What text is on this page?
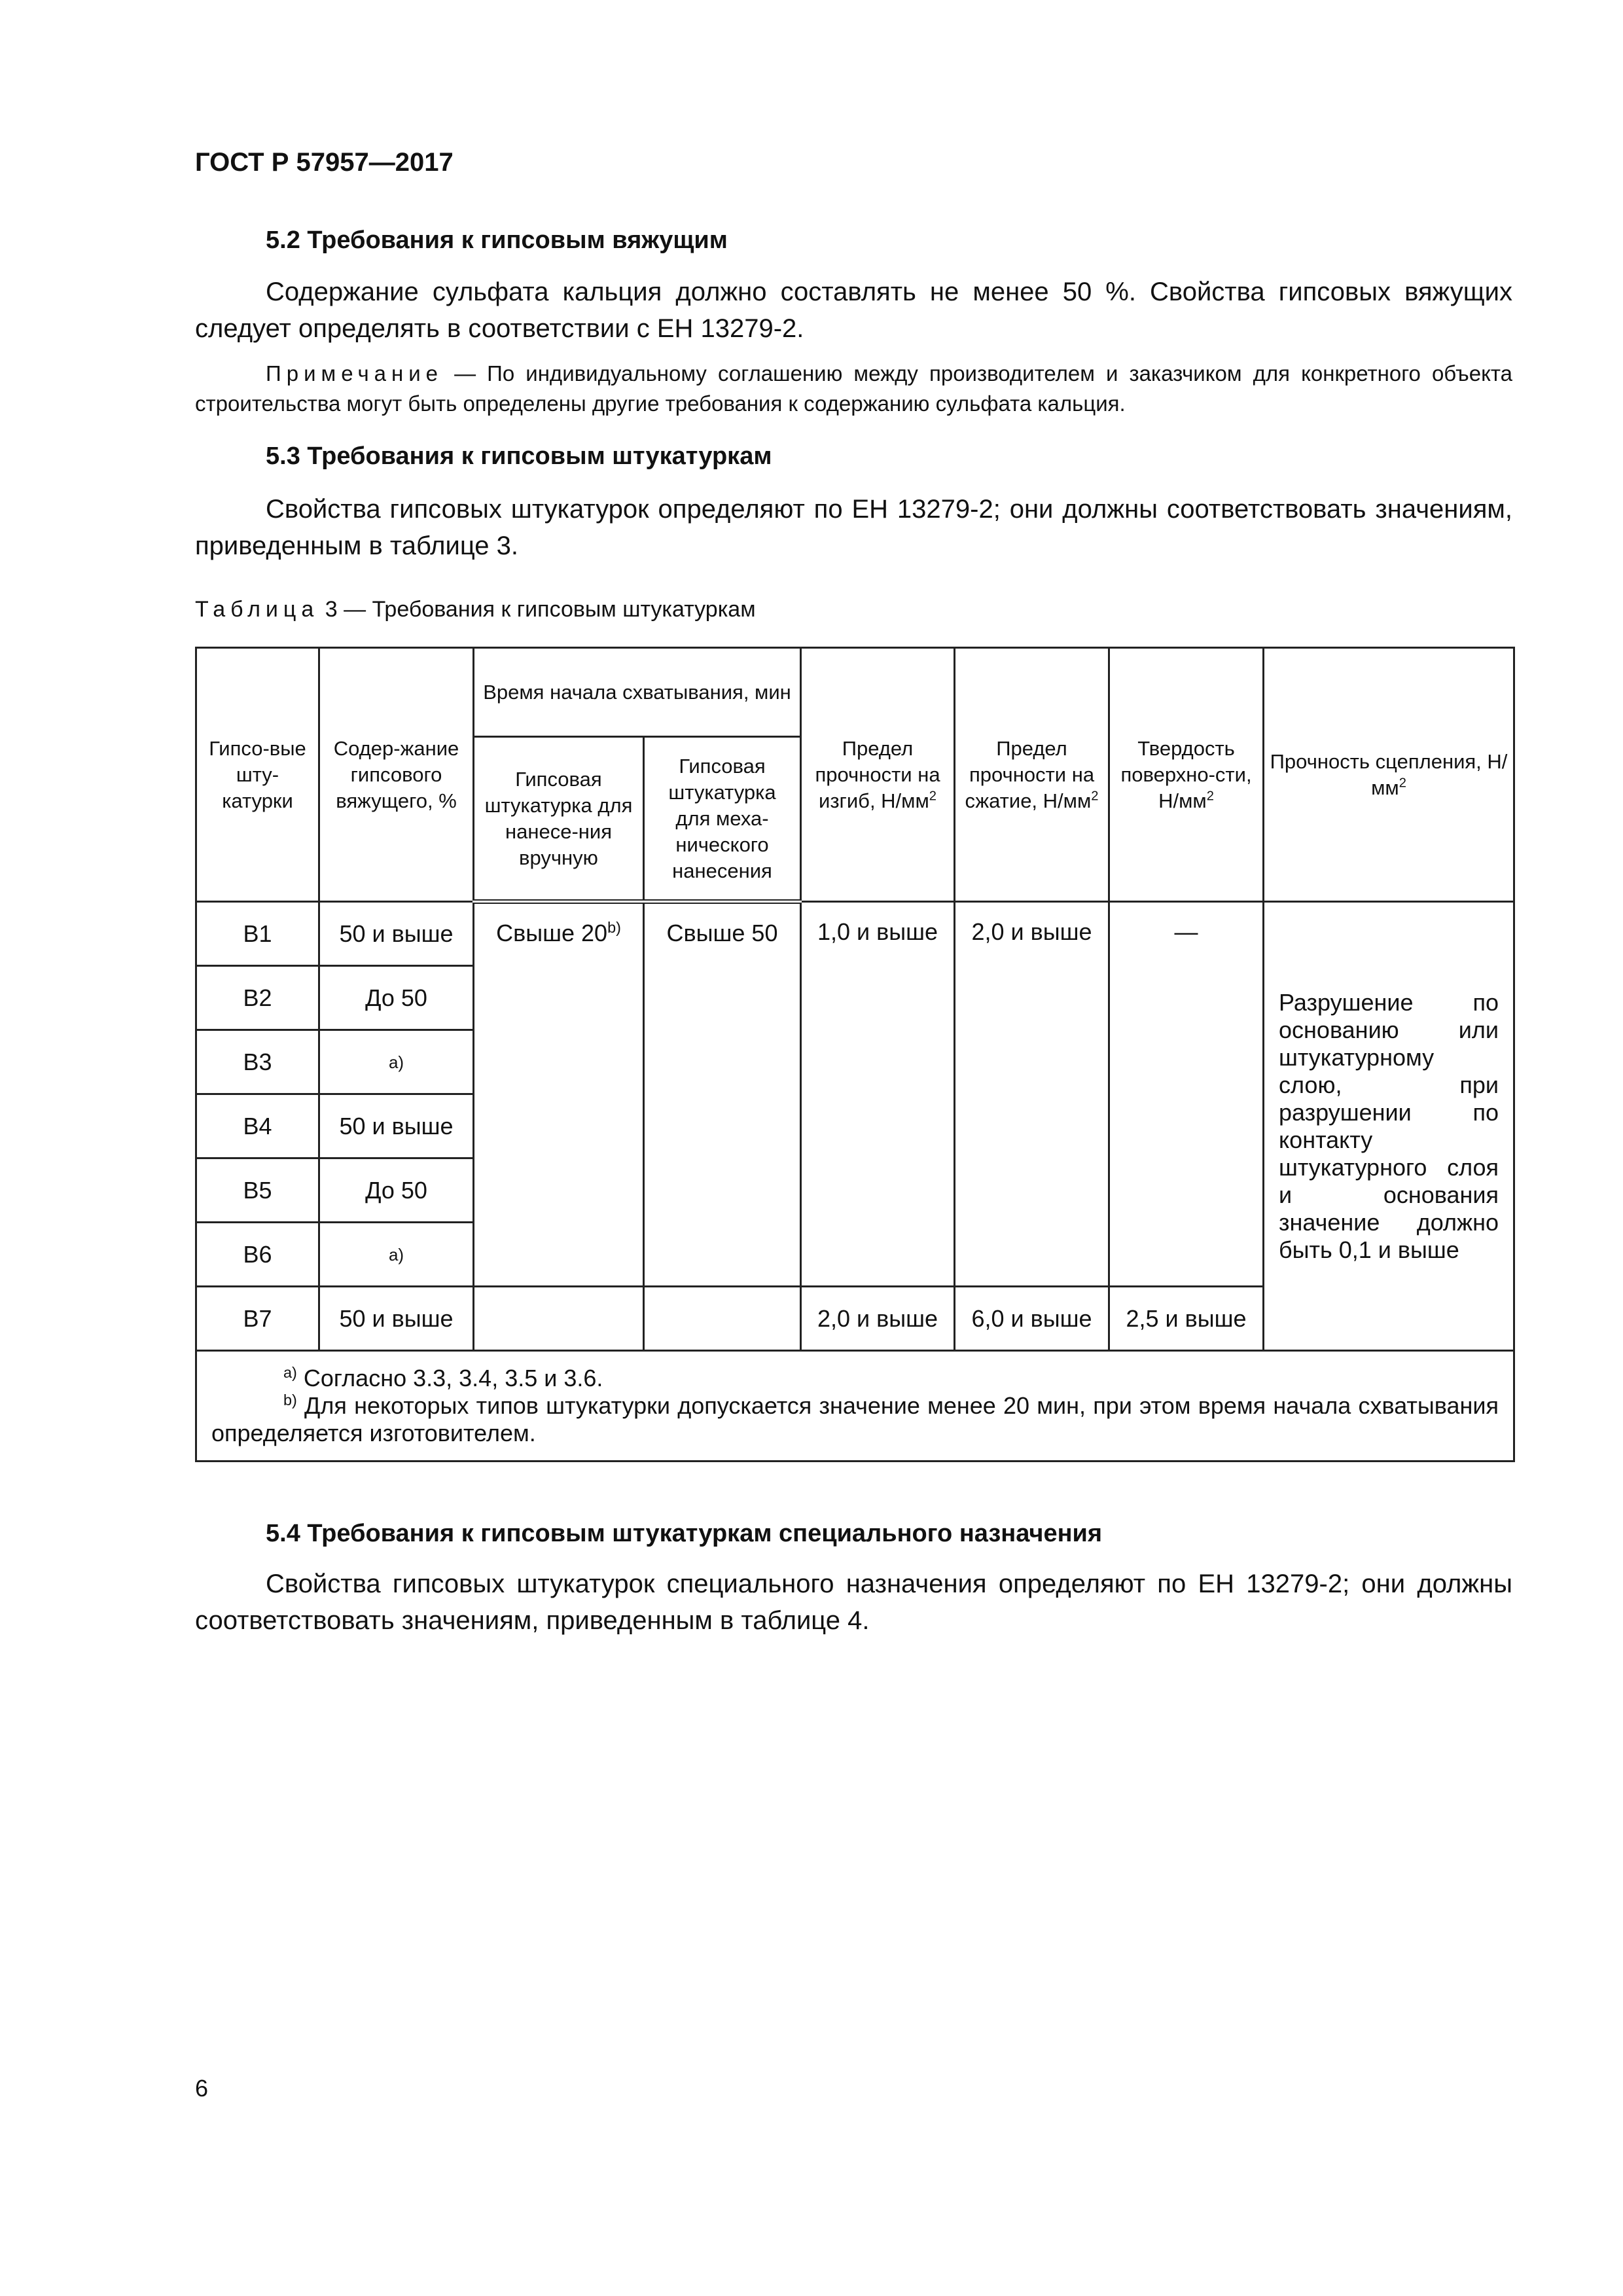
ГОСТ Р 57957—2017
5.2 Требования к гипсовым вяжущим

Содержание сульфата кальция должно составлять не менее 50 %. Свойства гипсовых вяжущих следует определять в соответствии с ЕН 13279-2.

Примечание — По индивидуальному соглашению между производителем и заказчиком для конкретного объекта строительства могут быть определены другие требования к содержанию сульфата кальция.

5.3 Требования к гипсовым штукатуркам

Свойства гипсовых штукатурок определяют по ЕН 13279-2; они должны соответствовать значениям, приведенным в таблице 3.

Таблица 3 — Требования к гипсовым штукатуркам
Гипсо-вые шту-катурки	Содер-жание гипсового вяжущего, %	Время начала схватывания, мин		Предел прочности на изгиб, $Н/мм^2$	Предел прочности на сжатие, $Н/мм^2$	Твердость поверхно-сти, $Н/мм^2$	Прочность сцепления, $Н/мм^2$
		Гипсовая штукатурка для нанесе-ния вручную	Гипсовая штукатурка для меха-нического нанесения				
B1	50 и выше	Свыше 20$^{b)}$	Свыше 50	1,0 и выше	2,0 и выше	—	Разрушение по основанию или штукатурному слою, при разрушении по контакту штукатурного слоя и основания значение должно быть 0,1 и выше
B2	До 50						
B3	а)						
B4	50 и выше						
B5	До 50						
B6	а)						
B7	50 и выше			2,0 и выше	6,0 и выше	2,5 и выше	

$^{a)}$ Согласно 3.3, 3.4, 3.5 и 3.6.
$^{b)}$ Для некоторых типов штукатурки допускается значение менее 20 мин, при этом время начала схватывания определяется изготовителем.							
5.4 Требования к гипсовым штукатуркам специального назначения

Свойства гипсовых штукатурок специального назначения определяют по ЕН 13279-2; они должны соответствовать значениям, приведенным в таблице 4.

6
